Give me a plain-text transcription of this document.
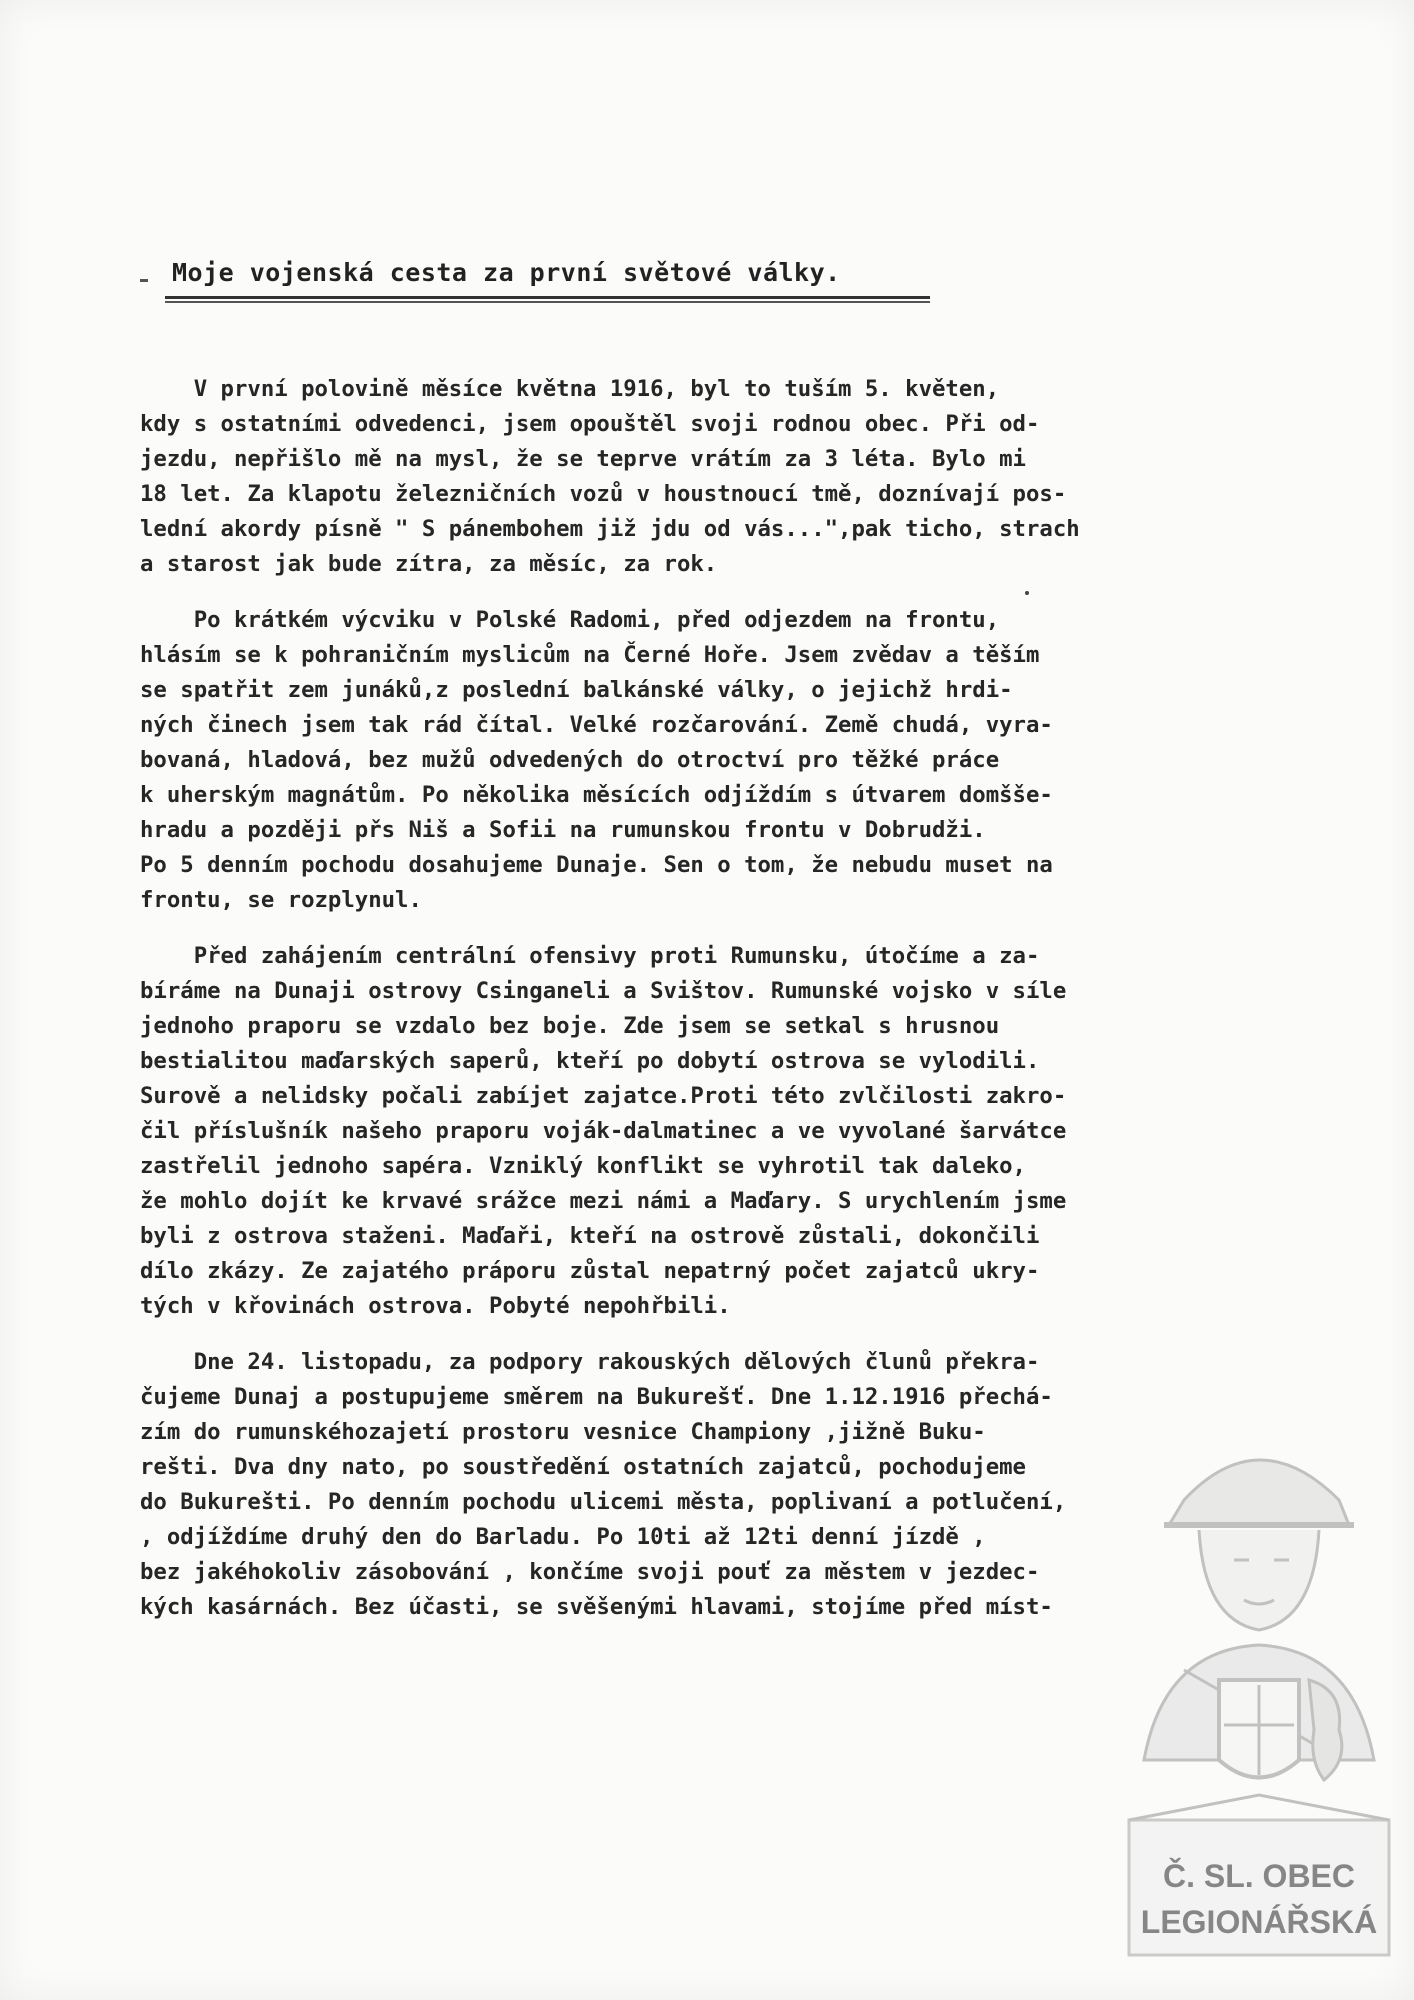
Moje vojenská cesta za první světové války.
V první polovině měsíce května 1916, byl to tuším 5. květen,
kdy s ostatními odvedenci, jsem opouštěl svoji rodnou obec. Při od-
jezdu, nepřišlo mě na mysl, že se teprve vrátím za 3 léta. Bylo mi
18 let. Za klapotu železničních vozů v houstnoucí tmě, doznívají pos-
lední akordy písně " S pánembohem již jdu od vás...",pak ticho, strach
a starost jak bude zítra, za měsíc, za rok.
Po krátkém výcviku v Polské Radomi, před odjezdem na frontu,
hlásím se k pohraničním myslicům na Černé Hoře. Jsem zvědav a těším
se spatřit zem junáků,z poslední balkánské války, o jejichž hrdi-
ných činech jsem tak rád čítal. Velké rozčarování. Země chudá, vyra-
bovaná, hladová, bez mužů odvedených do otroctví pro těžké práce
k uherským magnátům. Po několika měsících odjíždím s útvarem domšše-
hradu a později přs Niš a Sofii na rumunskou frontu v Dobrudži.
Po 5 denním pochodu dosahujeme Dunaje. Sen o tom, že nebudu muset na
frontu, se rozplynul.
Před zahájením centrální ofensivy proti Rumunsku, útočíme a za-
bíráme na Dunaji ostrovy Csinganeli a Svištov. Rumunské vojsko v síle
jednoho praporu se vzdalo bez boje. Zde jsem se setkal s hrusnou
bestialitou maďarských saperů, kteří po dobytí ostrova se vylodili.
Surově a nelidsky počali zabíjet zajatce.Proti této zvlčilosti zakro-
čil příslušník našeho praporu voják-dalmatinec a ve vyvolané šarvátce
zastřelil jednoho sapéra. Vzniklý konflikt se vyhrotil tak daleko,
že mohlo dojít ke krvavé srážce mezi námi a Maďary. S urychlením jsme
byli z ostrova staženi. Maďaři, kteří na ostrově zůstali, dokončili
dílo zkázy. Ze zajatého práporu zůstal nepatrný počet zajatců ukry-
tých v křovinách ostrova. Pobyté nepohřbili.
Dne 24. listopadu, za podpory rakouských dělových člunů překra-
čujeme Dunaj a postupujeme směrem na Bukurešť. Dne 1.12.1916 přechá-
zím do rumunskéhozajetí prostoru vesnice Championy ,jižně Buku-
rešti. Dva dny nato, po soustředění ostatních zajatců, pochodujeme
do Bukurešti. Po denním pochodu ulicemi města, poplivaní a potlučení,
, odjíždíme druhý den do Barladu. Po 10ti až 12ti denní jízdě ,
bez jakéhokoliv zásobování , končíme svoji pouť za městem v jezdec-
kých kasárnách. Bez účasti, se svěšenými hlavami, stojíme před míst-
Č. SL. OBEC
LEGIONÁŘSKÁ
